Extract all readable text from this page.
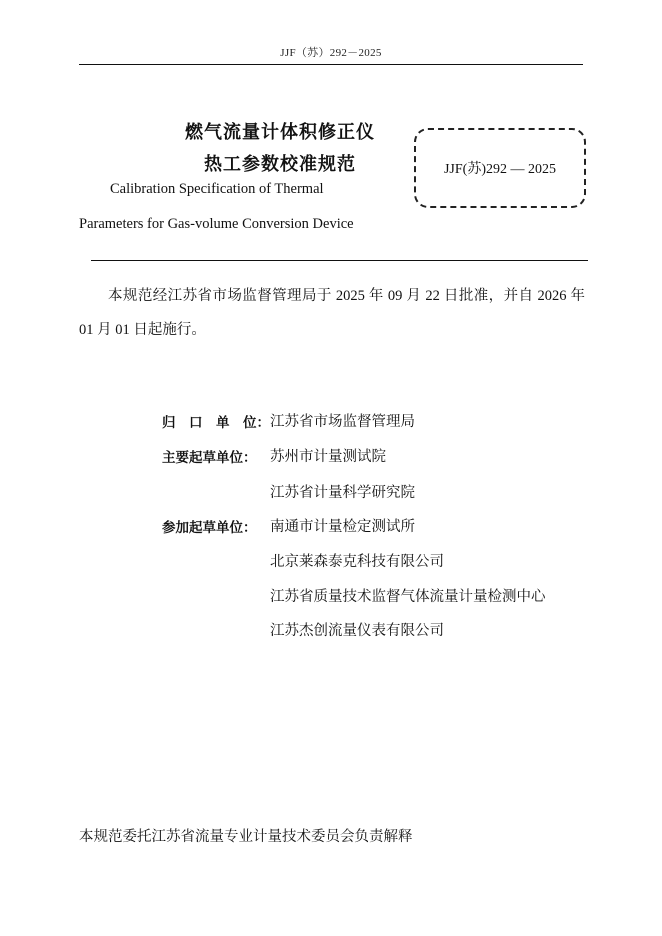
JJF（苏）292－2025
燃气流量计体积修正仪
热工参数校准规范
Calibration Specification of Thermal
Parameters for Gas-volume Conversion Device
JJF(苏)292 — 2025
本规范经江苏省市场监督管理局于 2025 年 09 月 22 日批准，并自 2026 年 01 月 01 日起施行。
归　口　单　位： 江苏省市场监督管理局
主要起草单位： 苏州市计量测试院
江苏省计量科学研究院
参加起草单位： 南通市计量检定测试所
北京莱森泰克科技有限公司
江苏省质量技术监督气体流量计量检测中心
江苏杰创流量仪表有限公司
本规范委托江苏省流量专业计量技术委员会负责解释
